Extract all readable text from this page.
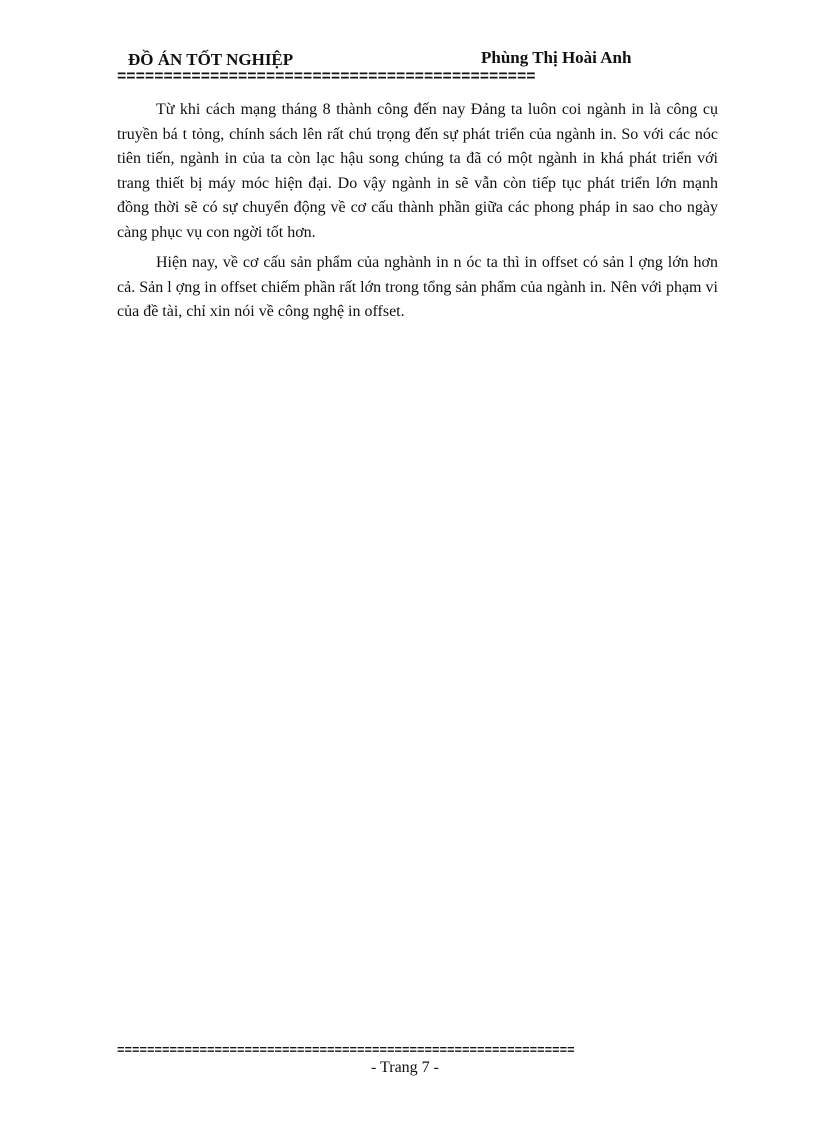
ĐỒ ÁN TỐT NGHIỆP	Phùng Thị Hoài Anh
=============================================

Từ khi cách mạng tháng 8 thành công đến nay Đảng ta luôn coi ngành in là công cụ truyền bá t tỏng, chính sách lên rất chú trọng đến sự phát triển của ngành in. So với các nóc tiên tiến, ngành in của ta còn lạc hậu song chúng ta đã có một ngành in khá phát triển với trang thiết bị máy móc hiện đại. Do vậy ngành in sẽ vẫn còn tiếp tục phát triển lớn mạnh đồng thời sẽ có sự chuyển động về cơ cấu thành phần giữa các phong pháp in sao cho ngày càng phục vụ con ngời tốt hơn.

Hiện nay, về cơ cấu sản phẩm của nghành in n óc ta thì in offset có sản l ợng lớn hơn cả. Sản l ợng in offset chiếm phần rất lớn trong tổng sản phẩm của ngành in. Nên với phạm vi của đề tài, chỉ xin nói về công nghệ in offset.

=============================================================
- Trang 7 -
